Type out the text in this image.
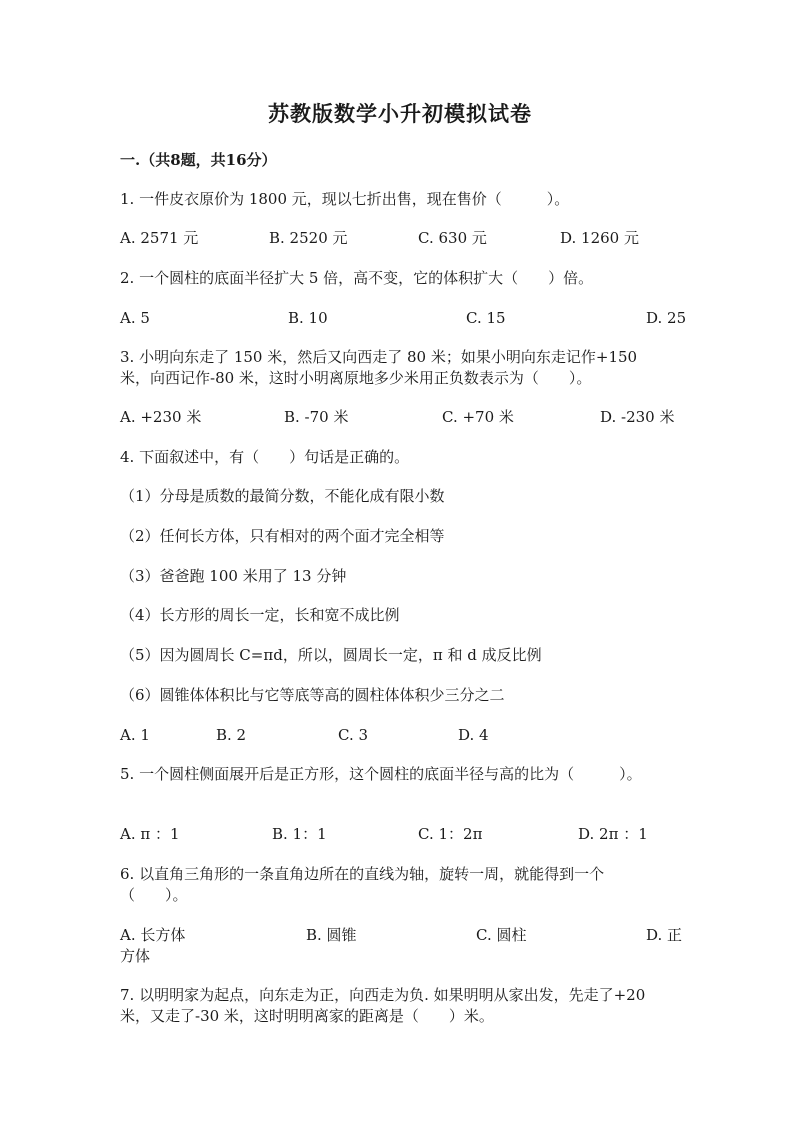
苏教版数学小升初模拟试卷
一.（共8题，共16分）
1. 一件皮衣原价为 1800 元，现以七折出售，现在售价（　　　）。
A. 2571 元	B. 2520 元	C. 630 元	D. 1260 元
2. 一个圆柱的底面半径扩大 5 倍，高不变，它的体积扩大（　　）倍。
A. 5	B. 10	C. 15	D. 25
3. 小明向东走了 150 米，然后又向西走了 80 米；如果小明向东走记作+150
米，向西记作-80 米，这时小明离原地多少米用正负数表示为（　　）。
A. +230 米	B. -70 米	C. +70 米	D. -230 米
4. 下面叙述中，有（　　）句话是正确的。
（1）分母是质数的最简分数，不能化成有限小数
（2）任何长方体，只有相对的两个面才完全相等
（3）爸爸跑 100 米用了 13 分钟
（4）长方形的周长一定，长和宽不成比例
（5）因为圆周长 C=πd，所以，圆周长一定，π 和 d 成反比例
（6）圆锥体体积比与它等底等高的圆柱体体积少三分之二
A. 1	B. 2	C. 3	D. 4
5. 一个圆柱侧面展开后是正方形，这个圆柱的底面半径与高的比为（　　　）。
A. π ：1	B. 1：1	C. 1：2π	D. 2π ：1
6. 以直角三角形的一条直角边所在的直线为轴，旋转一周，就能得到一个
（　　）。
A. 长方体	B. 圆锥	C. 圆柱	D. 正
方体
7. 以明明家为起点，向东走为正，向西走为负. 如果明明从家出发，先走了+20
米，又走了-30 米，这时明明离家的距离是（　　）米。
